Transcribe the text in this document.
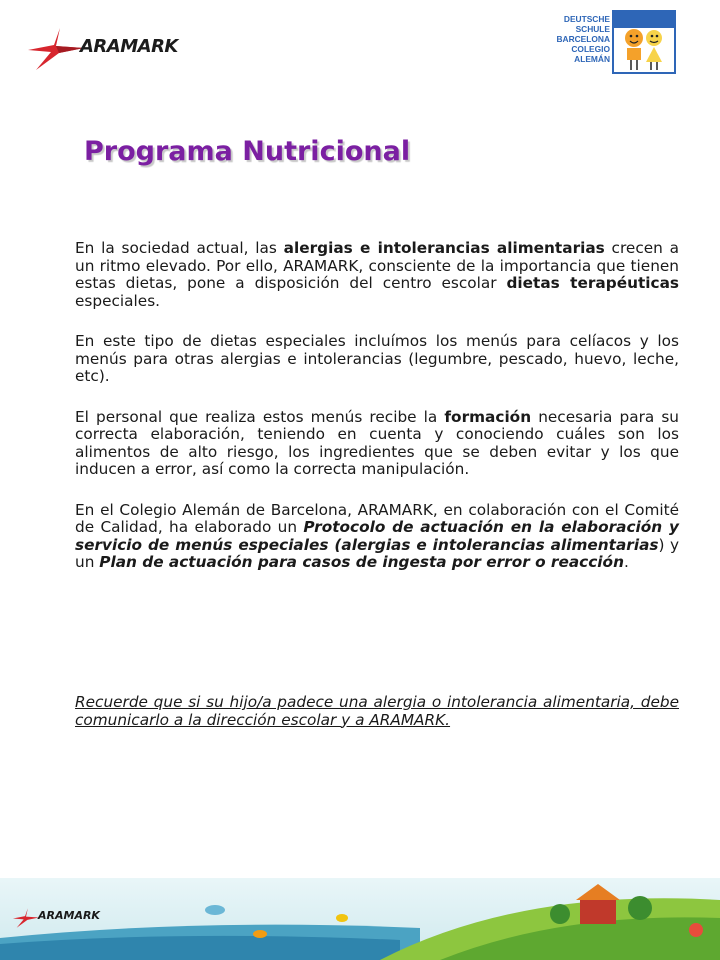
ARAMARK
DEUTSCHE
SCHULE
BARCELONA
COLEGIO
ALEMÁN
Programa Nutricional

En la sociedad actual, las alergias e intolerancias alimentarias crecen a un ritmo elevado. Por ello, ARAMARK, consciente de la importancia que tienen estas dietas, pone a disposición del centro escolar dietas terapéuticas especiales.

En este tipo de dietas especiales incluímos los menús para celíacos y los menús para otras alergias e intolerancias (legumbre, pescado, huevo, leche, etc).

El personal que realiza estos menús recibe la formación necesaria para su correcta elaboración, teniendo en cuenta y conociendo cuáles son los alimentos de alto riesgo, los ingredientes que se deben evitar y los que inducen a error, así como la correcta manipulación.

En el Colegio Alemán de Barcelona, ARAMARK, en colaboración con el Comité de Calidad, ha elaborado un Protocolo de actuación en la elaboración y servicio de menús especiales (alergias e intolerancias alimentarias) y un Plan de actuación para casos de ingesta por error o reacción.

Recuerde que si su hijo/a padece una alergia o intolerancia alimentaria, debe comunicarlo a la dirección escolar y a ARAMARK.

ARAMARK
